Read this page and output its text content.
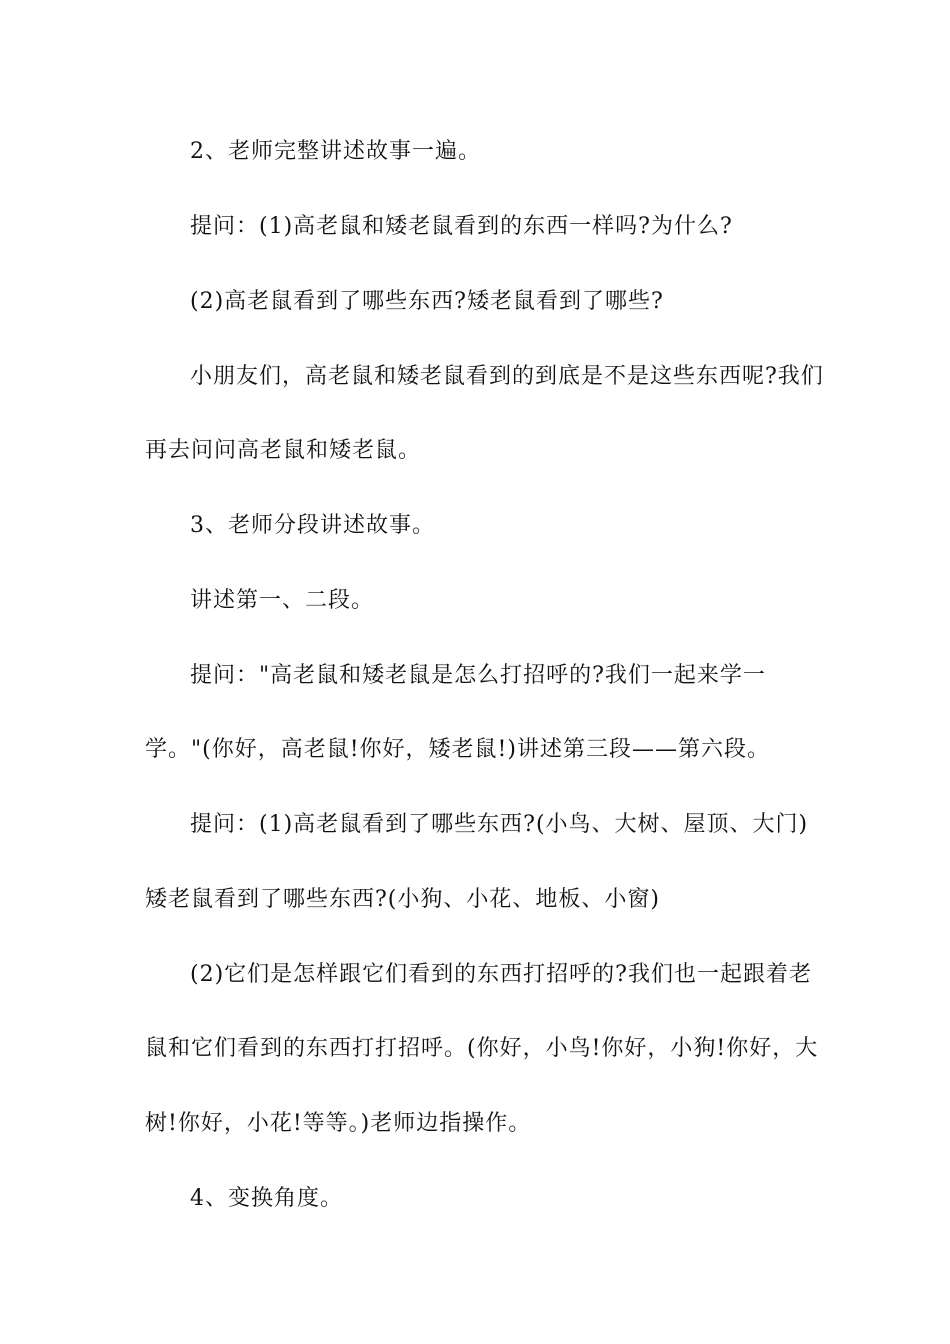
2、老师完整讲述故事一遍。
提问：(1)高老鼠和矮老鼠看到的东西一样吗?为什么?
(2)高老鼠看到了哪些东西?矮老鼠看到了哪些?
小朋友们，高老鼠和矮老鼠看到的到底是不是这些东西呢?我们
再去问问高老鼠和矮老鼠。
3、老师分段讲述故事。
讲述第一、二段。
提问："高老鼠和矮老鼠是怎么打招呼的?我们一起来学一
学。"(你好，高老鼠!你好，矮老鼠!)讲述第三段——第六段。
提问：(1)高老鼠看到了哪些东西?(小鸟、大树、屋顶、大门)
矮老鼠看到了哪些东西?(小狗、小花、地板、小窗)
(2)它们是怎样跟它们看到的东西打招呼的?我们也一起跟着老
鼠和它们看到的东西打打招呼。(你好，小鸟!你好，小狗!你好，大
树!你好，小花!等等。)老师边指操作。
4、变换角度。
